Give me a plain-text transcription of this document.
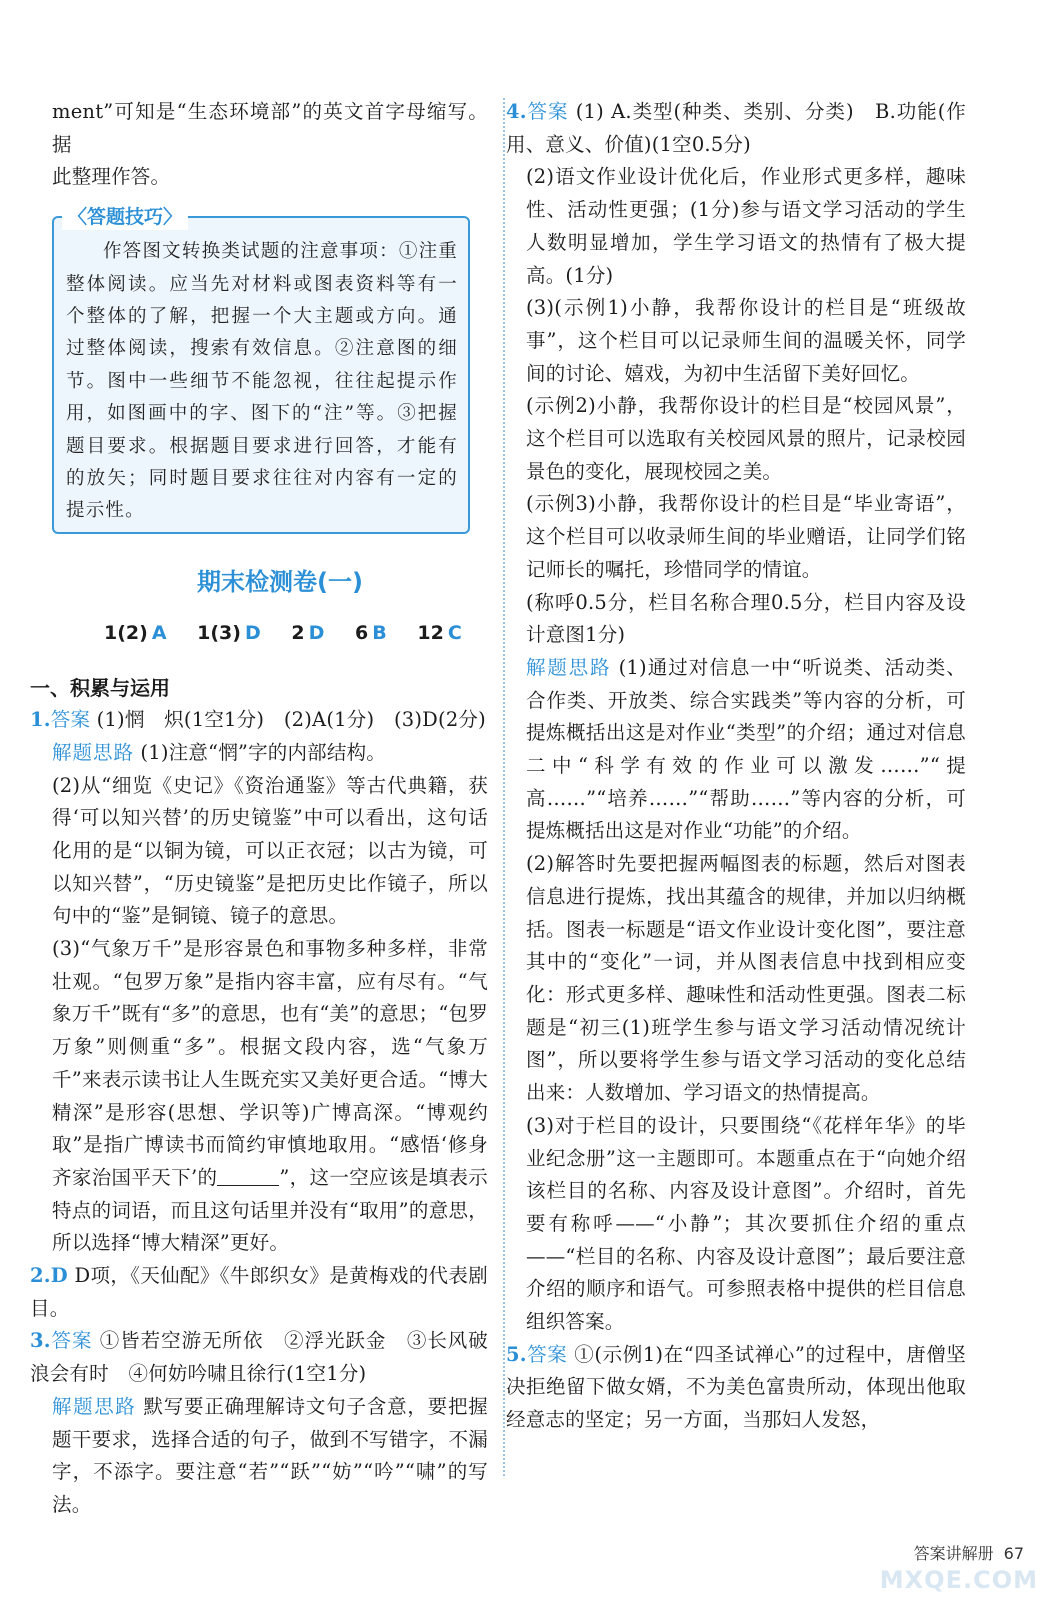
ment”可知是“生态环境部”的英文首字母缩写。据
此整理作答。
〈答题技巧〉
作答图文转换类试题的注意事项：①注重整体阅读。应当先对材料或图表资料等有一个整体的了解，把握一个大主题或方向。通过整体阅读，搜索有效信息。②注意图的细节。图中一些细节不能忽视，往往起提示作用，如图画中的字、图下的“注”等。③把握题目要求。根据题目要求进行回答，才能有的放矢；同时题目要求往往对内容有一定的提示性。
期末检测卷(一)
1(2) A 1(3) D 2 D 6 B 12 C
一、积累与运用
1.答案 (1)惘　炽(1空1分)　(2)A(1分)　(3)D(2分)
解题思路 (1)注意“惘”字的内部结构。
(2)从“细览《史记》《资治通鉴》等古代典籍，获得‘可以知兴替’的历史镜鉴”中可以看出，这句话化用的是“以铜为镜，可以正衣冠；以古为镜，可以知兴替”，“历史镜鉴”是把历史比作镜子，所以句中的“鉴”是铜镜、镜子的意思。
(3)“气象万千”是形容景色和事物多种多样，非常壮观。“包罗万象”是指内容丰富，应有尽有。“气象万千”既有“多”的意思，也有“美”的意思；“包罗万象”则侧重“多”。根据文段内容，选“气象万千”来表示读书让人生既充实又美好更合适。“博大精深”是形容(思想、学识等)广博高深。“博观约取”是指广博读书而简约审慎地取用。“感悟‘修身齐家治国平天下’的	”，这一空应该是填表示特点的词语，而且这句话里并没有“取用”的意思，所以选择“博大精深”更好。
2.D D项，《天仙配》《牛郎织女》是黄梅戏的代表剧目。
3.答案 ①皆若空游无所依　②浮光跃金　③长风破浪会有时　④何妨吟啸且徐行(1空1分)
解题思路 默写要正确理解诗文句子含意，要把握题干要求，选择合适的句子，做到不写错字，不漏字，不添字。要注意“若”“跃”“妨”“吟”“啸”的写法。
4.答案 (1) A.类型(种类、类别、分类)　B.功能(作用、意义、价值)(1空0.5分)
(2)语文作业设计优化后，作业形式更多样，趣味性、活动性更强；(1分)参与语文学习活动的学生人数明显增加，学生学习语文的热情有了极大提高。(1分)
(3)(示例1)小静，我帮你设计的栏目是“班级故事”，这个栏目可以记录师生间的温暖关怀，同学间的讨论、嬉戏，为初中生活留下美好回忆。
(示例2)小静，我帮你设计的栏目是“校园风景”，这个栏目可以选取有关校园风景的照片，记录校园景色的变化，展现校园之美。
(示例3)小静，我帮你设计的栏目是“毕业寄语”，这个栏目可以收录师生间的毕业赠语，让同学们铭记师长的嘱托，珍惜同学的情谊。
(称呼0.5分，栏目名称合理0.5分，栏目内容及设计意图1分)
解题思路 (1)通过对信息一中“听说类、活动类、合作类、开放类、综合实践类”等内容的分析，可提炼概括出这是对作业“类型”的介绍；通过对信息二中“科学有效的作业可以激发……”“提高……”“培养……”“帮助……”等内容的分析，可提炼概括出这是对作业“功能”的介绍。
(2)解答时先要把握两幅图表的标题，然后对图表信息进行提炼，找出其蕴含的规律，并加以归纳概括。图表一标题是“语文作业设计变化图”，要注意其中的“变化”一词，并从图表信息中找到相应变化：形式更多样、趣味性和活动性更强。图表二标题是“初三(1)班学生参与语文学习活动情况统计图”，所以要将学生参与语文学习活动的变化总结出来：人数增加、学习语文的热情提高。
(3)对于栏目的设计，只要围绕“《花样年华》的毕业纪念册”这一主题即可。本题重点在于“向她介绍该栏目的名称、内容及设计意图”。介绍时，首先要有称呼——“小静”；其次要抓住介绍的重点——“栏目的名称、内容及设计意图”；最后要注意介绍的顺序和语气。可参照表格中提供的栏目信息组织答案。
5.答案 ①(示例1)在“四圣试禅心”的过程中，唐僧坚决拒绝留下做女婿，不为美色富贵所动，体现出他取经意志的坚定；另一方面，当那妇人发怒，
MXQE.COM
答案讲解册 67
